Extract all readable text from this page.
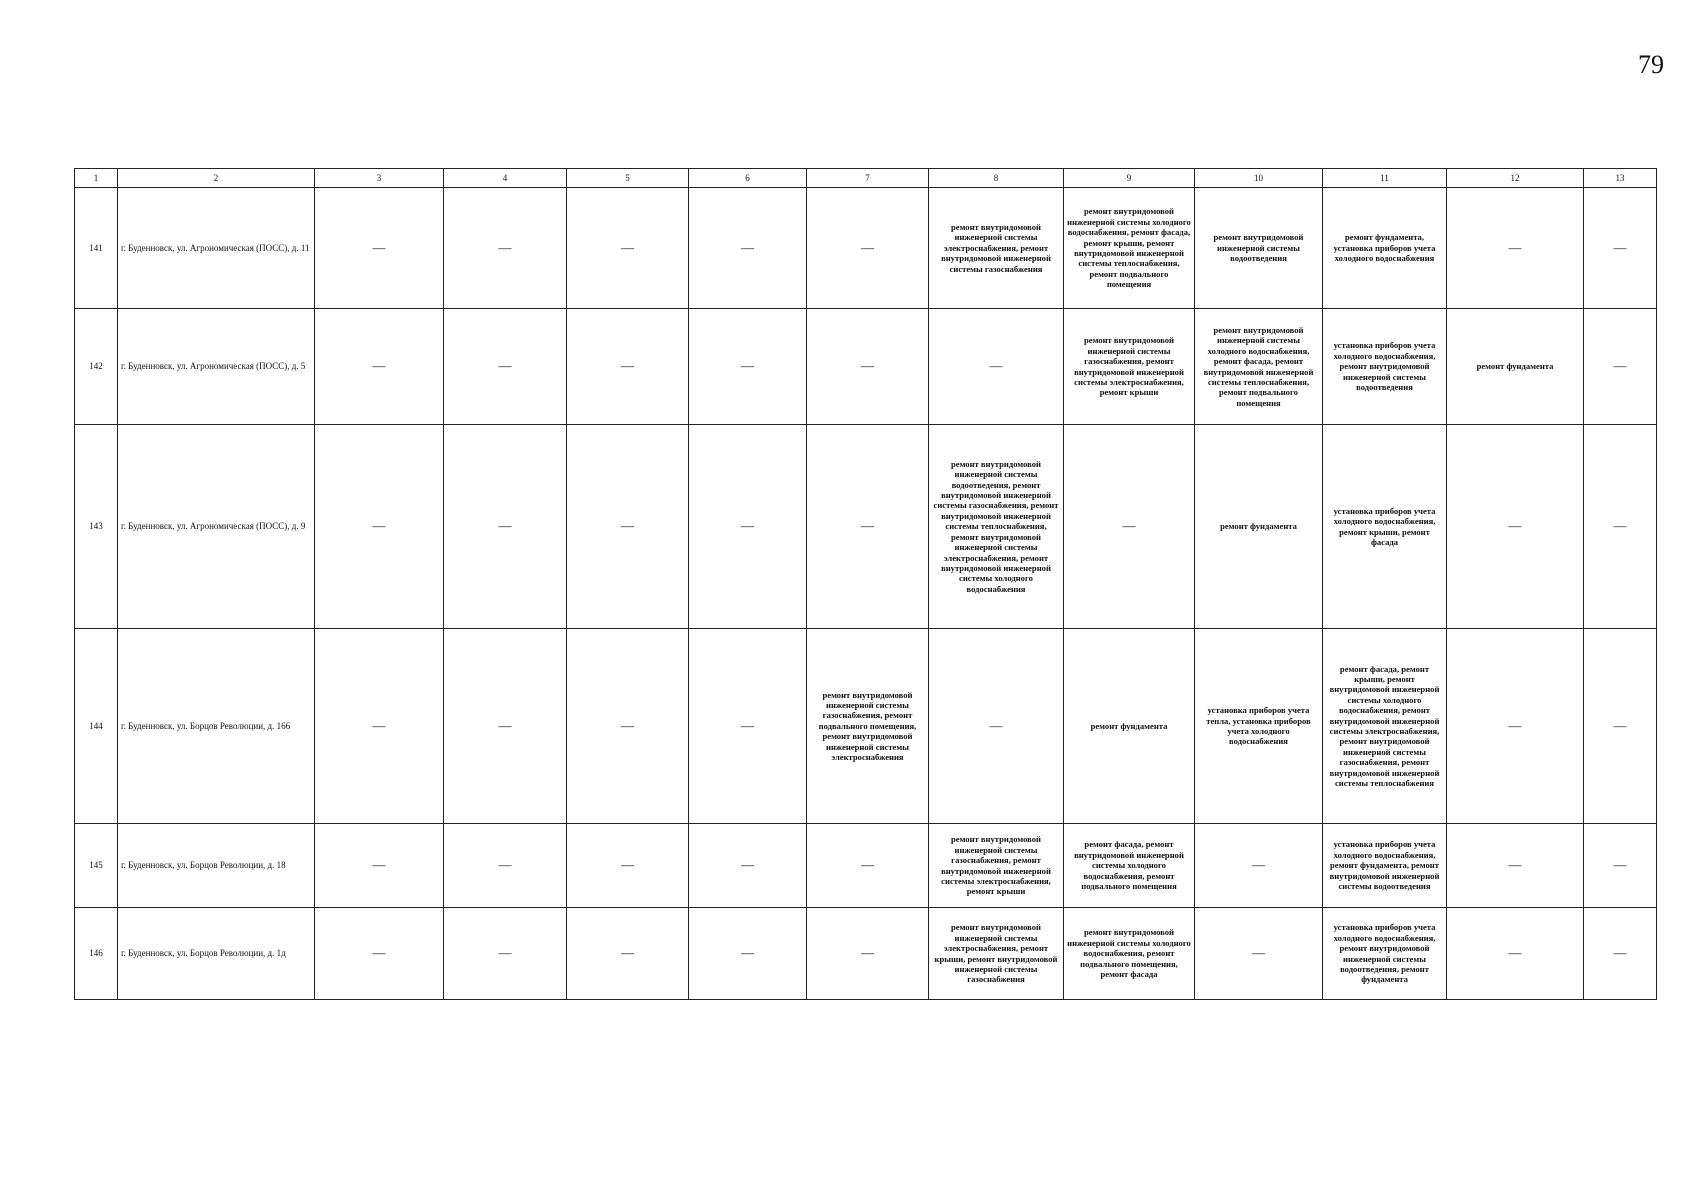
79
1	2	3	4	5	6	7	8	9	10	11	12	13
141	г. Буденновск, ул. Агрономическая (ПОСС), д. 11	—	—	—	—	—	ремонт внутридомовой инженерной системы электроснабжения, ремонт внутридомовой инженерной системы газоснабжения	ремонт внутридомовой инженерной системы холодного водоснабжения, ремонт фасада, ремонт крыши, ремонт внутридомовой инженерной системы теплоснабжения, ремонт подвального помещения	ремонт внутридомовой инженерной системы водоотведения	ремонт фундамента, установка приборов учета холодного водоснабжения	—	—
142	г. Буденновск, ул. Агрономическая (ПОСС), д. 5	—	—	—	—	—	—	ремонт внутридомовой инженерной системы газоснабжения, ремонт внутридомовой инженерной системы электроснабжения, ремонт крыши	ремонт внутридомовой инженерной системы холодного водоснабжения, ремонт фасада, ремонт внутридомовой инженерной системы теплоснабжения, ремонт подвального помещения	установка приборов учета холодного водоснабжения, ремонт внутридомовой инженерной системы водоотведения	ремонт фундамента	—
143	г. Буденновск, ул. Агрономическая (ПОСС), д. 9	—	—	—	—	—	ремонт внутридомовой инженерной системы водоотведения, ремонт внутридомовой инженерной системы газоснабжения, ремонт внутридомовой инженерной системы теплоснабжения, ремонт внутридомовой инженерной системы электроснабжения, ремонт внутридомовой инженерной системы холодного водоснабжения	—	ремонт фундамента	установка приборов учета холодного водоснабжения, ремонт крыши, ремонт фасада	—	—
144	г. Буденновск, ул. Борцов Революции, д. 166	—	—	—	—	ремонт внутридомовой инженерной системы газоснабжения, ремонт подвального помещения, ремонт внутридомовой инженерной системы электроснабжения	—	ремонт фундамента	установка приборов учета тепла, установка приборов учета холодного водоснабжения	ремонт фасада, ремонт крыши, ремонт внутридомовой инженерной системы холодного водоснабжения, ремонт внутридомовой инженерной системы электроснабжения, ремонт внутридомовой инженерной системы газоснабжения, ремонт внутридомовой инженерной системы теплоснабжения	—	—
145	г. Буденновск, ул. Борцов Революции, д. 18	—	—	—	—	—	ремонт внутридомовой инженерной системы газоснабжения, ремонт внутридомовой инженерной системы электроснабжения, ремонт крыши	ремонт фасада, ремонт внутридомовой инженерной системы холодного водоснабжения, ремонт подвального помещения	—	установка приборов учета холодного водоснабжения, ремонт фундамента, ремонт внутридомовой инженерной системы водоотведения	—	—
146	г. Буденновск, ул. Борцов Революции, д. 1д	—	—	—	—	—	ремонт внутридомовой инженерной системы электроснабжения, ремонт крыши, ремонт внутридомовой инженерной системы газоснабжения	ремонт внутридомовой инженерной системы холодного водоснабжения, ремонт подвального помещения, ремонт фасада	—	установка приборов учета холодного водоснабжения, ремонт внутридомовой инженерной системы водоотведения, ремонт фундамента	—	—
